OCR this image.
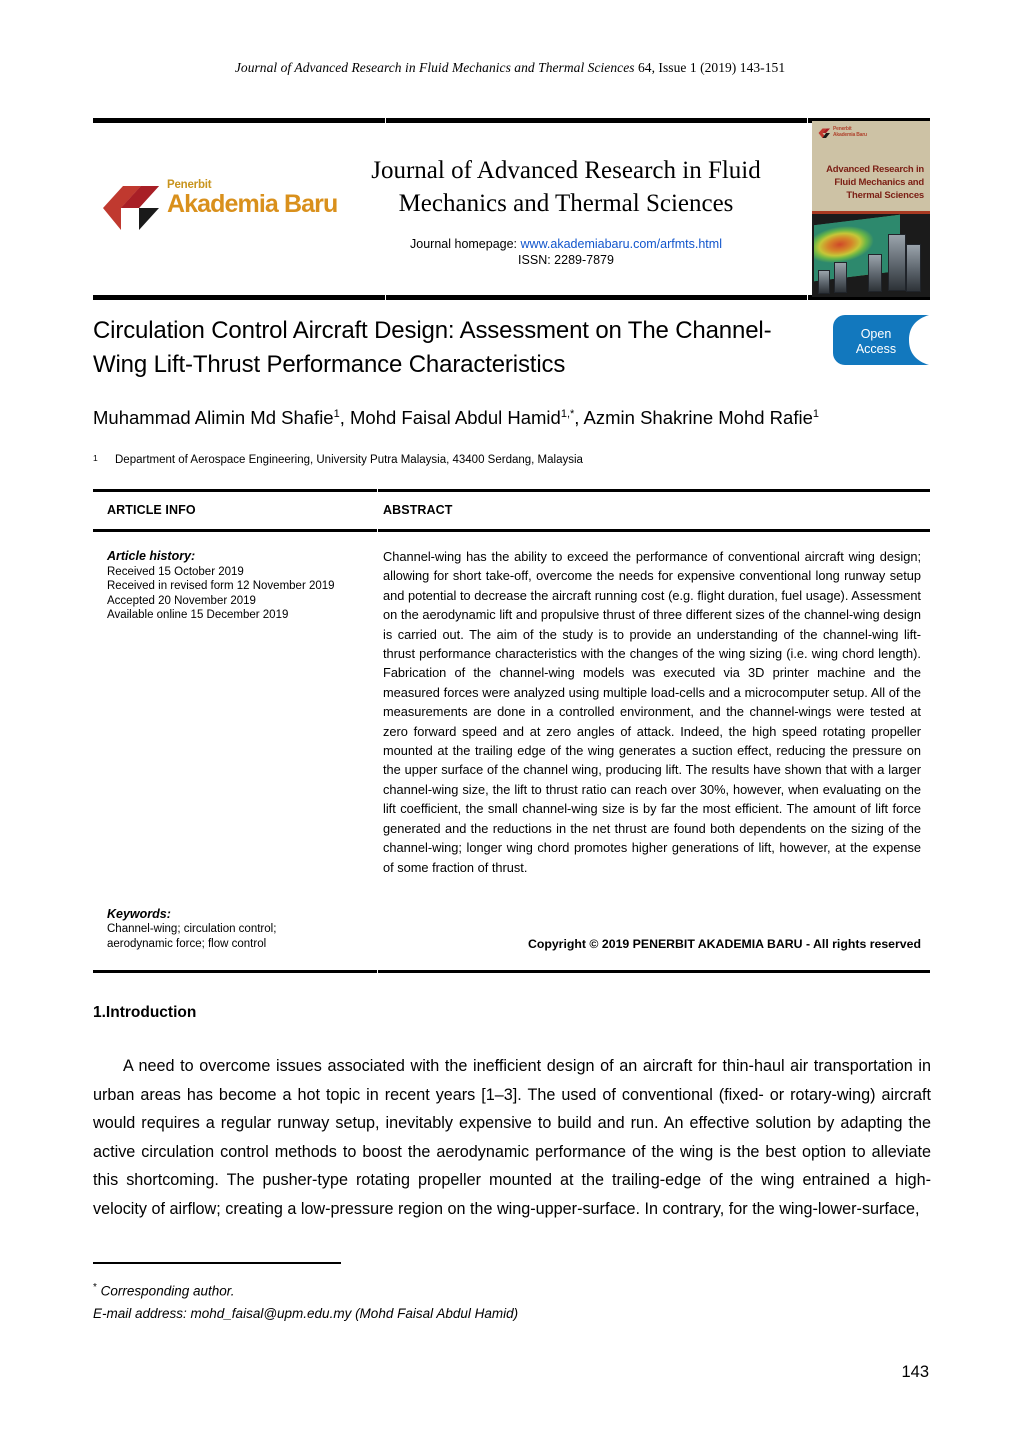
Journal of Advanced Research in Fluid Mechanics and Thermal Sciences 64, Issue 1 (2019) 143-151
Penerbit
Akademia Baru
Journal of Advanced Research in Fluid Mechanics and Thermal Sciences
Journal homepage: www.akademiabaru.com/arfmts.html
ISSN: 2289-7879
Penerbit
Akademia Baru
Advanced Research in Fluid Mechanics and Thermal Sciences
Circulation Control Aircraft Design: Assessment on The Channel-Wing Lift-Thrust Performance Characteristics
Open
Access
Muhammad Alimin Md Shafie$^1$, Mohd Faisal Abdul Hamid$^{1,*}$, Azmin Shakrine Mohd Rafie$^1$
1 Department of Aerospace Engineering, University Putra Malaysia, 43400 Serdang, Malaysia
ARTICLE INFO	ABSTRACT
Article history:
Received 15 October 2019
Received in revised form 12 November 2019
Accepted 20 November 2019
Available online 15 December 2019
Keywords:
Channel-wing; circulation control;
aerodynamic force; flow control
Channel-wing has the ability to exceed the performance of conventional aircraft wing design; allowing for short take-off, overcome the needs for expensive conventional long runway setup and potential to decrease the aircraft running cost (e.g. flight duration, fuel usage). Assessment on the aerodynamic lift and propulsive thrust of three different sizes of the channel-wing design is carried out. The aim of the study is to provide an understanding of the channel-wing lift-thrust performance characteristics with the changes of the wing sizing (i.e. wing chord length). Fabrication of the channel-wing models was executed via 3D printer machine and the measured forces were analyzed using multiple load-cells and a microcomputer setup. All of the measurements are done in a controlled environment, and the channel-wings were tested at zero forward speed and at zero angles of attack. Indeed, the high speed rotating propeller mounted at the trailing edge of the wing generates a suction effect, reducing the pressure on the upper surface of the channel wing, producing lift. The results have shown that with a larger channel-wing size, the lift to thrust ratio can reach over 30%, however, when evaluating on the lift coefficient, the small channel-wing size is by far the most efficient. The amount of lift force generated and the reductions in the net thrust are found both dependents on the sizing of the channel-wing; longer wing chord promotes higher generations of lift, however, at the expense of some fraction of thrust.
Copyright © 2019 PENERBIT AKADEMIA BARU - All rights reserved
1.Introduction
A need to overcome issues associated with the inefficient design of an aircraft for thin-haul air transportation in urban areas has become a hot topic in recent years [1–3]. The used of conventional (fixed- or rotary-wing) aircraft would requires a regular runway setup, inevitably expensive to build and run. An effective solution by adapting the active circulation control methods to boost the aerodynamic performance of the wing is the best option to alleviate this shortcoming. The pusher-type rotating propeller mounted at the trailing-edge of the wing entrained a high-velocity of airflow; creating a low-pressure region on the wing-upper-surface. In contrary, for the wing-lower-surface,
* Corresponding author.
E-mail address: mohd_faisal@upm.edu.my (Mohd Faisal Abdul Hamid)
143
